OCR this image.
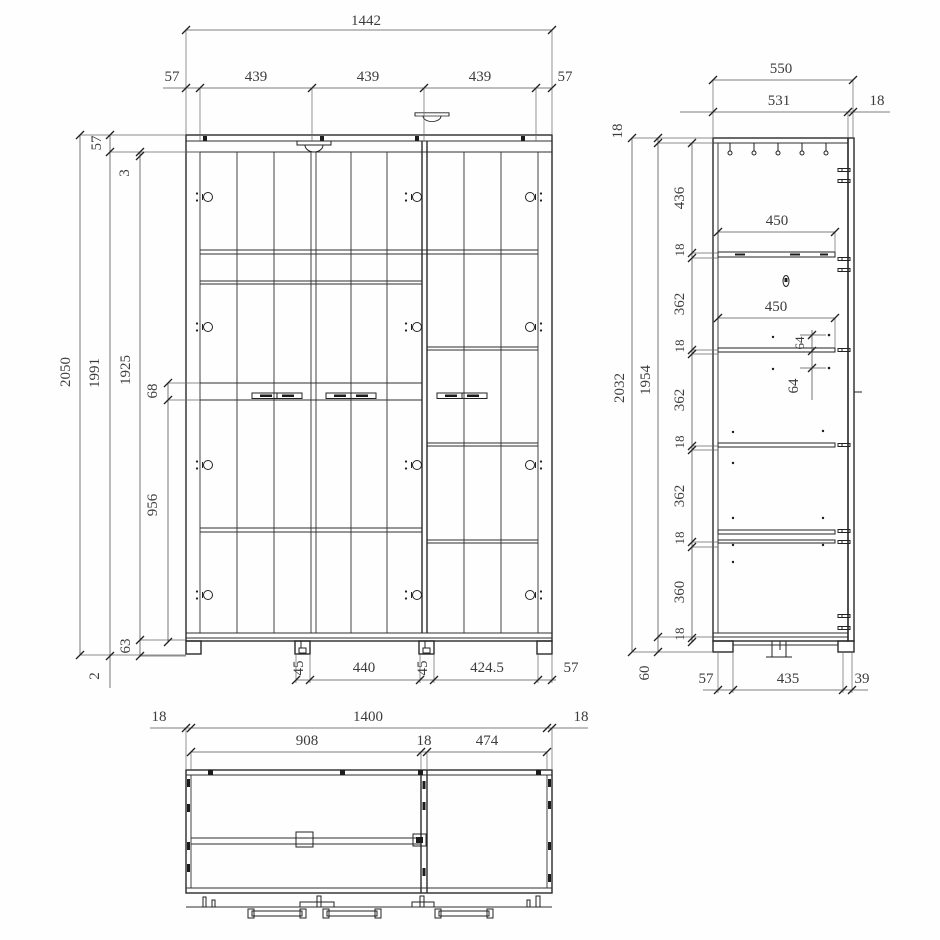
1442
57	439	439	439	57
2050
57
1991
2
3
1925
63
68
956
45	440	45	424.5	57
550
531	18
2032
18
1954
60
436
18
362
18
362
18
362
18
360
18
450
450
64
64
57	435	39
18	1400	18
908	18	474
